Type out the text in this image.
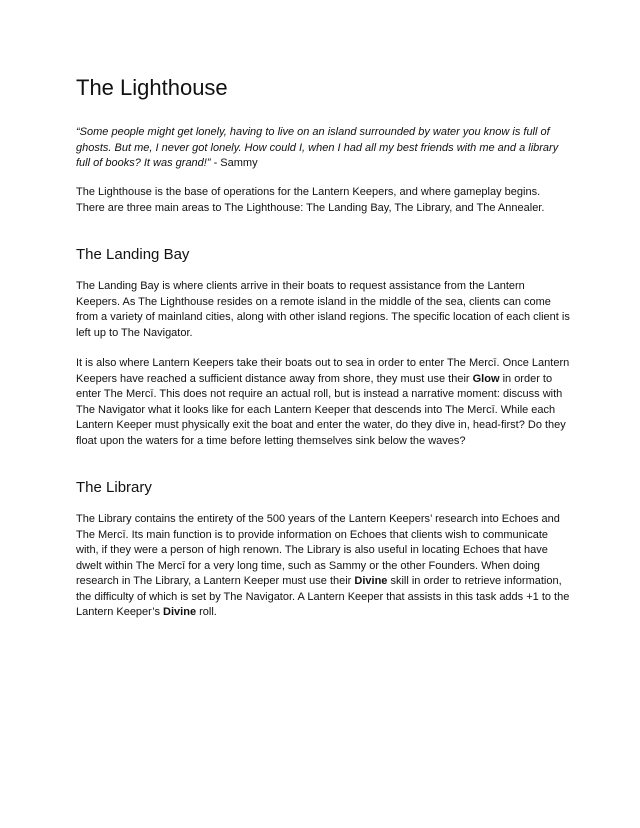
The Lighthouse

“Some people might get lonely, having to live on an island surrounded by water you know is full of ghosts. But me, I never got lonely. How could I, when I had all my best friends with me and a library full of books? It was grand!” - Sammy

The Lighthouse is the base of operations for the Lantern Keepers, and where gameplay begins. There are three main areas to The Lighthouse: The Landing Bay, The Library, and The Annealer.

The Landing Bay

The Landing Bay is where clients arrive in their boats to request assistance from the Lantern Keepers. As The Lighthouse resides on a remote island in the middle of the sea, clients can come from a variety of mainland cities, along with other island regions. The specific location of each client is left up to The Navigator.

It is also where Lantern Keepers take their boats out to sea in order to enter The Mercī. Once Lantern Keepers have reached a sufficient distance away from shore, they must use their Glow in order to enter The Mercī. This does not require an actual roll, but is instead a narrative moment: discuss with The Navigator what it looks like for each Lantern Keeper that descends into The Mercī. While each Lantern Keeper must physically exit the boat and enter the water, do they dive in, head-first? Do they float upon the waters for a time before letting themselves sink below the waves?

The Library

The Library contains the entirety of the 500 years of the Lantern Keepers’ research into Echoes and The Mercī. Its main function is to provide information on Echoes that clients wish to communicate with, if they were a person of high renown. The Library is also useful in locating Echoes that have dwelt within The Mercī for a very long time, such as Sammy or the other Founders. When doing research in The Library, a Lantern Keeper must use their Divine skill in order to retrieve information, the difficulty of which is set by The Navigator. A Lantern Keeper that assists in this task adds +1 to the Lantern Keeper’s Divine roll.
